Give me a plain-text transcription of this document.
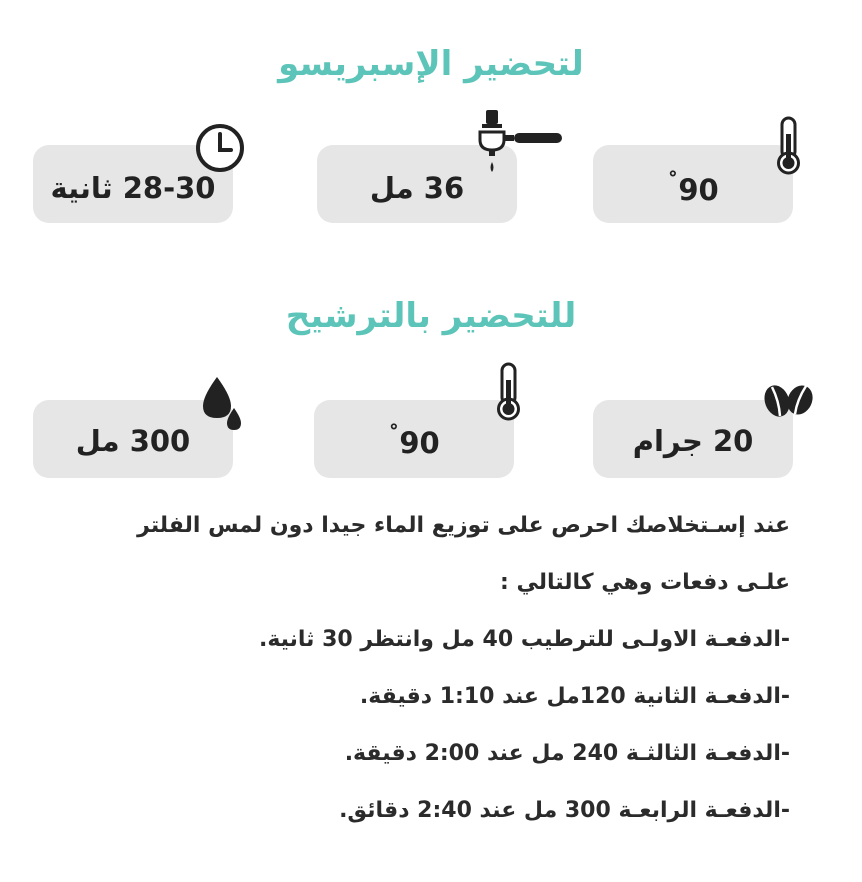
لتحضير الإسبريسو
90˚
36 مل
28-30 ثانية
للتحضير بالترشيح
20 جرام
90˚
300 مل
عند إسـتخلاصك احرص على توزيع الماء جيدا دون لمس الفلتر
علـى دفعات وهي كالتالي :
-الدفعـة الاولـى للترطيب 40 مل وانتظر 30 ثانية.
-الدفعـة الثانية 120مل عند 1:10 دقيقة.
-الدفعـة الثالثـة 240 مل عند 2:00 دقيقة.
-الدفعـة الرابعـة 300 مل عند 2:40 دقائق.
